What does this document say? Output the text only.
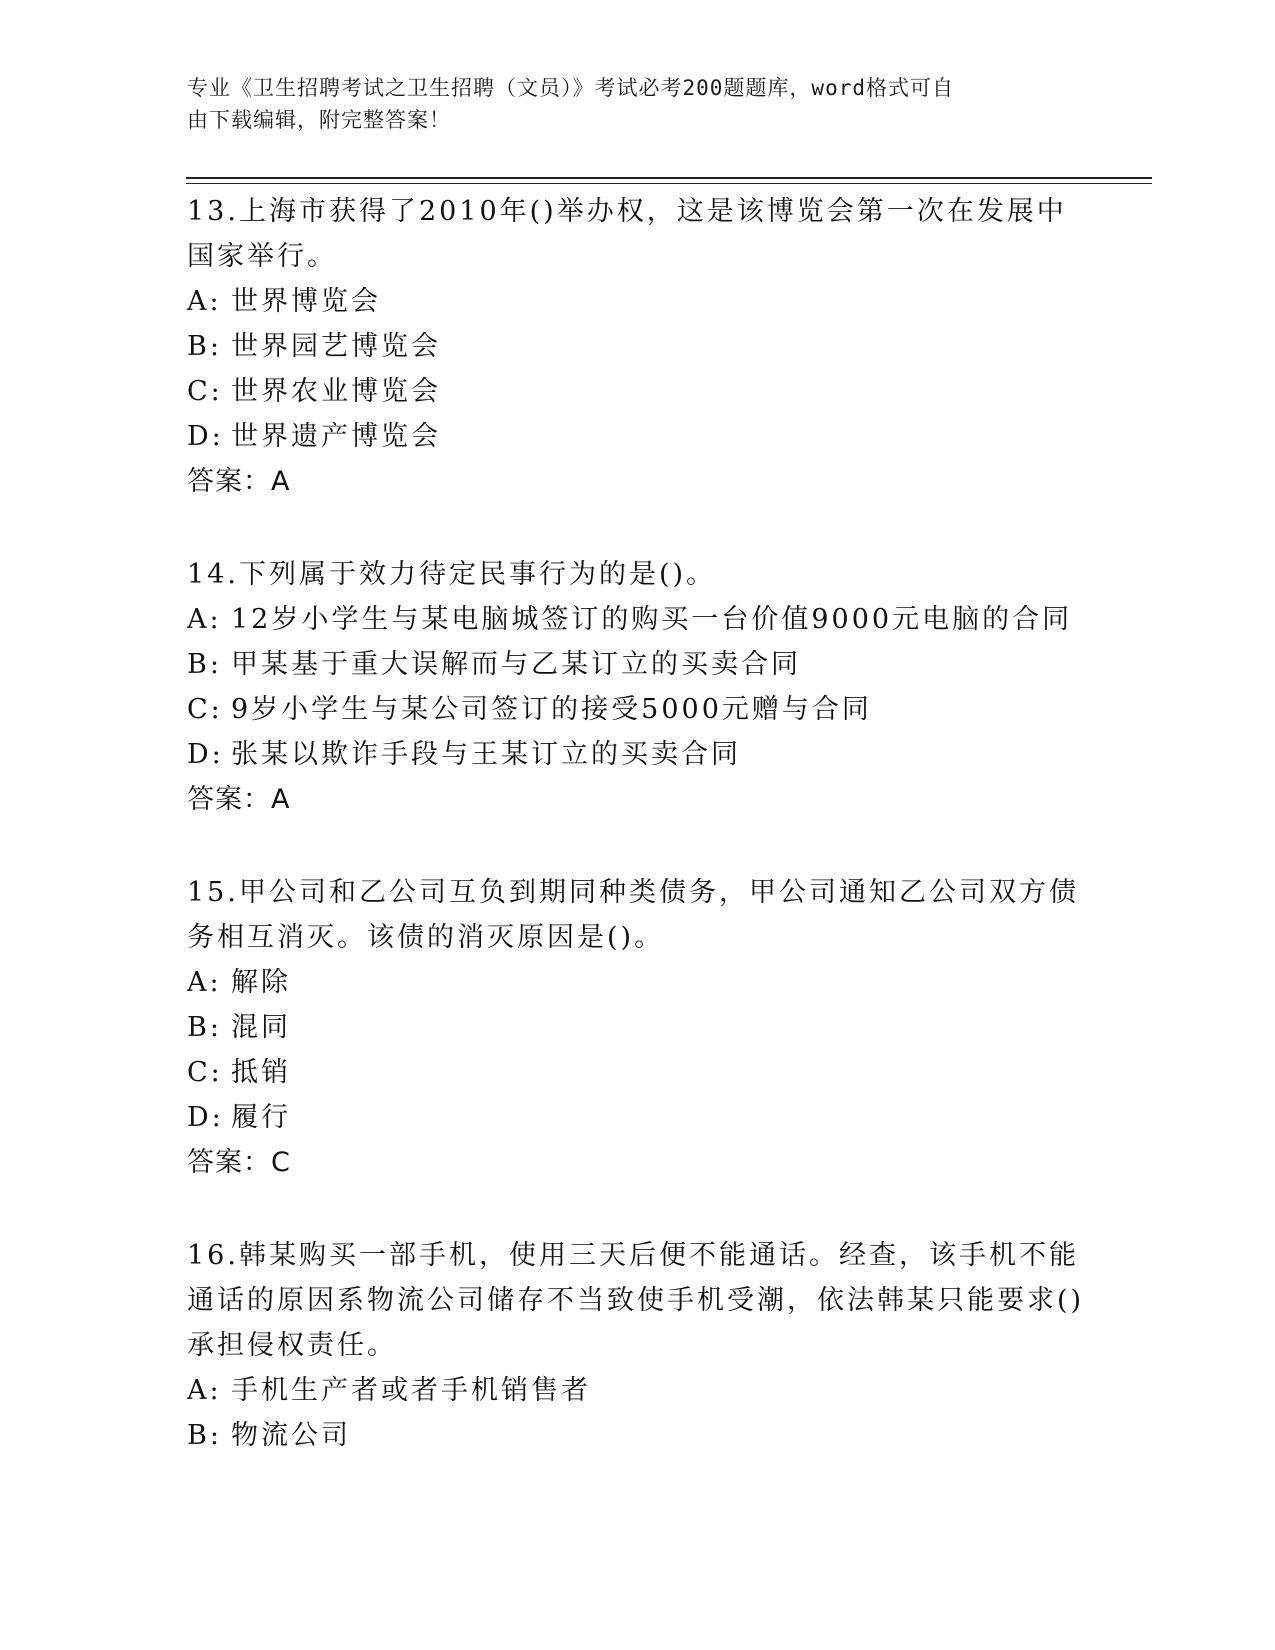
专业《卫生招聘考试之卫生招聘（文员）》考试必考200题题库，word格式可自
由下载编辑，附完整答案！
13.上海市获得了2010年()举办权，这是该博览会第一次在发展中国家举行。
A: 世界博览会
B: 世界园艺博览会
C: 世界农业博览会
D: 世界遗产博览会
答案：A
14.下列属于效力待定民事行为的是()。
A: 12岁小学生与某电脑城签订的购买一台价值9000元电脑的合同
B: 甲某基于重大误解而与乙某订立的买卖合同
C: 9岁小学生与某公司签订的接受5000元赠与合同
D: 张某以欺诈手段与王某订立的买卖合同
答案：A
15.甲公司和乙公司互负到期同种类债务，甲公司通知乙公司双方债务相互消灭。该债的消灭原因是()。
A: 解除
B: 混同
C: 抵销
D: 履行
答案：C
16.韩某购买一部手机，使用三天后便不能通话。经查，该手机不能通话的原因系物流公司储存不当致使手机受潮，依法韩某只能要求()承担侵权责任。
A: 手机生产者或者手机销售者
B: 物流公司
